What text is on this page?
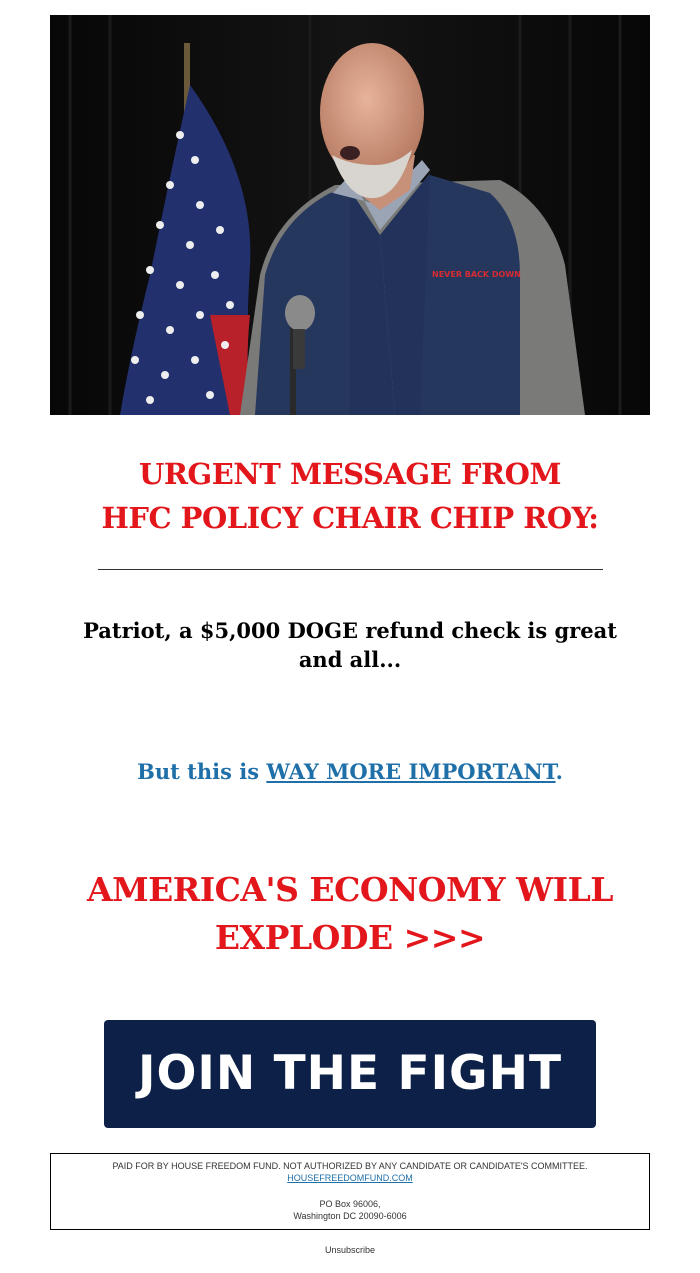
NEVER BACK DOWN
URGENT MESSAGE FROM
HFC POLICY CHAIR CHIP ROY:
Patriot, a $5,000 DOGE refund check is great and all...
But this is WAY MORE IMPORTANT.
AMERICA'S ECONOMY WILL
EXPLODE >>>
JOIN THE FIGHT
PAID FOR BY HOUSE FREEDOM FUND. NOT AUTHORIZED BY ANY CANDIDATE OR CANDIDATE'S COMMITTEE.
HOUSEFREEDOMFUND.COM
PO Box 96006,
Washington DC 20090-6006
Unsubscribe
